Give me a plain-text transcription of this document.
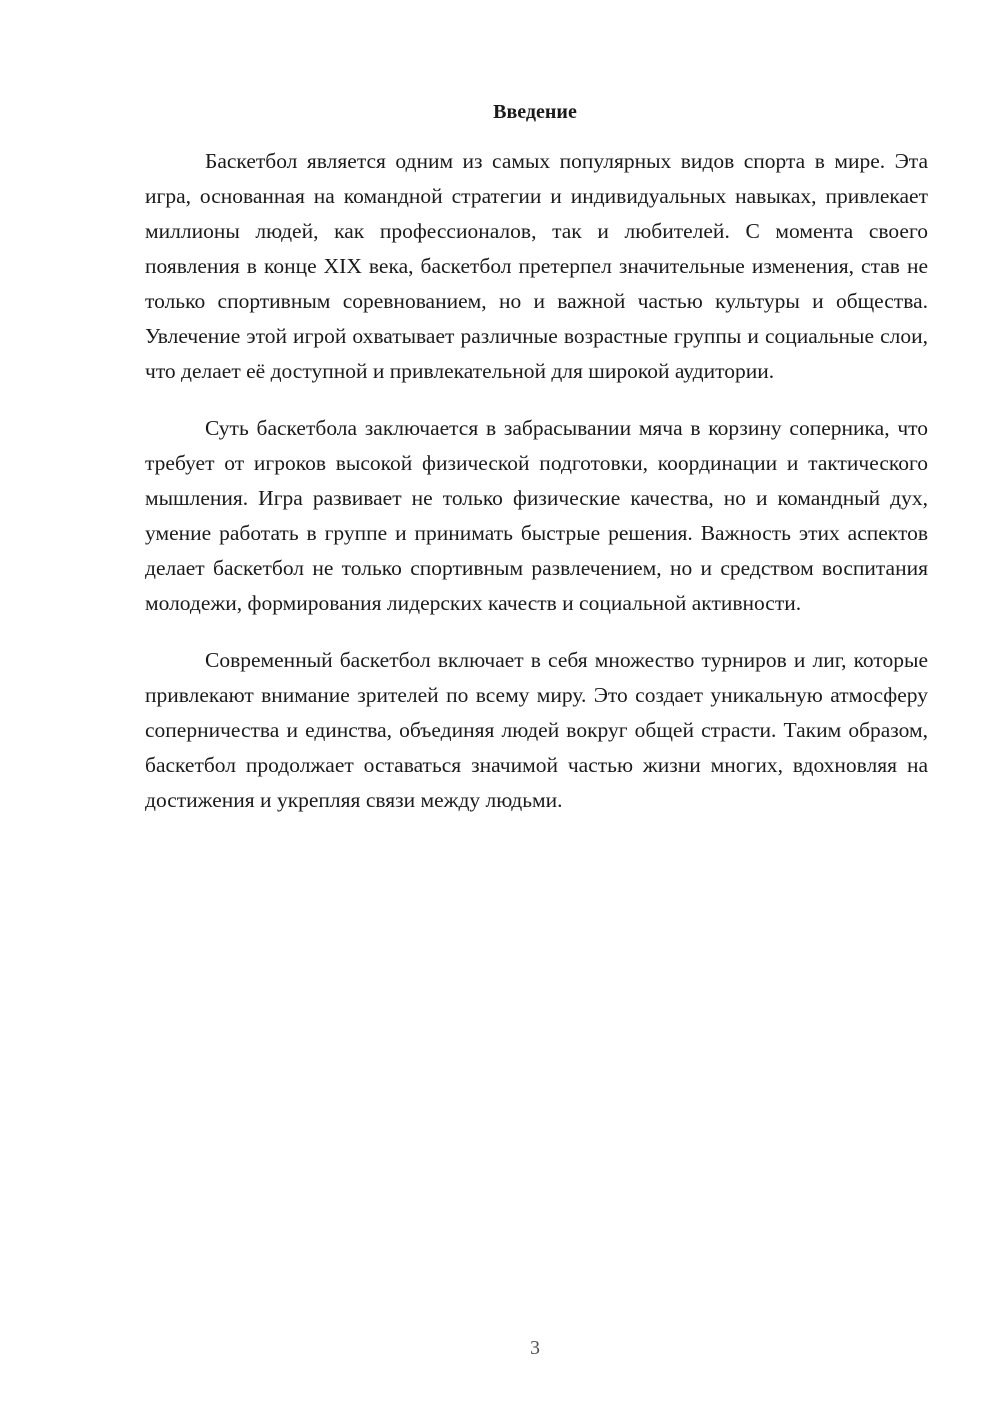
Введение

Баскетбол является одним из самых популярных видов спорта в мире. Эта игра, основанная на командной стратегии и индивидуальных навыках, привлекает миллионы людей, как профессионалов, так и любителей. С момента своего появления в конце XIX века, баскетбол претерпел значительные изменения, став не только спортивным соревнованием, но и важной частью культуры и общества. Увлечение этой игрой охватывает различные возрастные группы и социальные слои, что делает её доступной и привлекательной для широкой аудитории.

Суть баскетбола заключается в забрасывании мяча в корзину соперника, что требует от игроков высокой физической подготовки, координации и тактического мышления. Игра развивает не только физические качества, но и командный дух, умение работать в группе и принимать быстрые решения. Важность этих аспектов делает баскетбол не только спортивным развлечением, но и средством воспитания молодежи, формирования лидерских качеств и социальной активности.

Современный баскетбол включает в себя множество турниров и лиг, которые привлекают внимание зрителей по всему миру. Это создает уникальную атмосферу соперничества и единства, объединяя людей вокруг общей страсти. Таким образом, баскетбол продолжает оставаться значимой частью жизни многих, вдохновляя на достижения и укрепляя связи между людьми.

3
